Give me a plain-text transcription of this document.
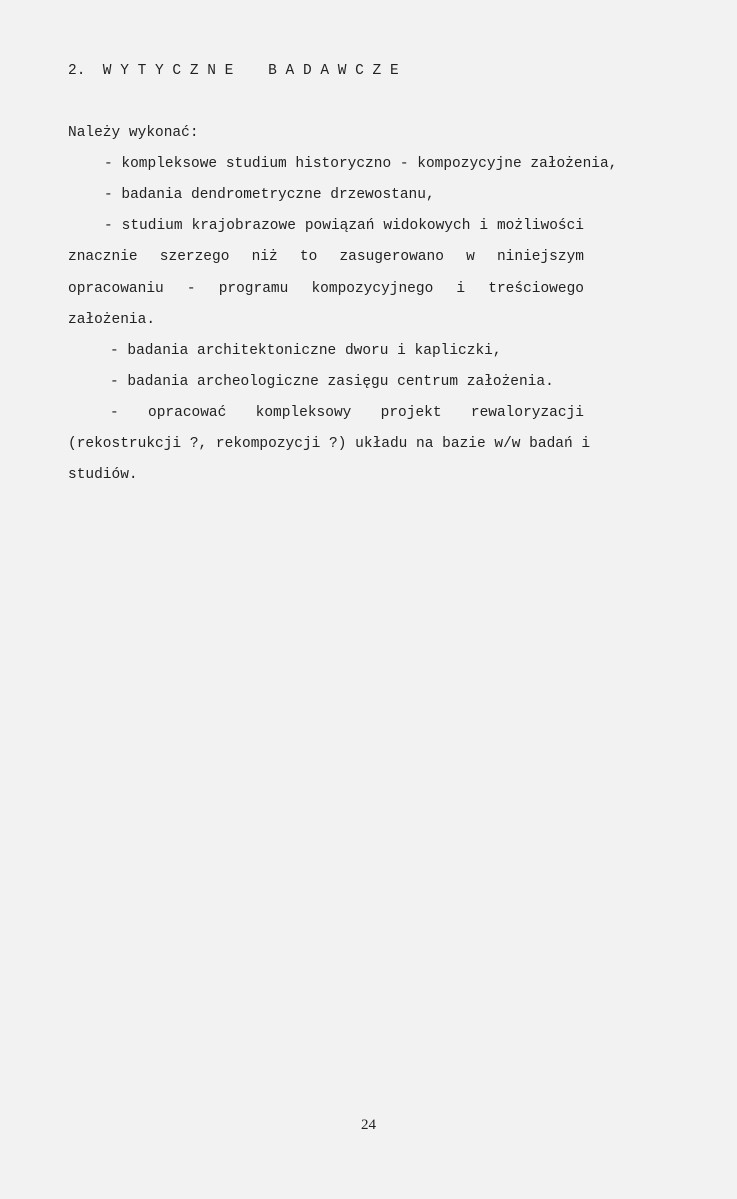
2.  W Y T Y C Z N E    B A D A W C Z E
Należy wykonać:
- kompleksowe studium historyczno - kompozycyjne założenia,
- badania dendrometryczne drzewostanu,
- studium krajobrazowe powiązań widokowych i możliwości
znacznie szerzego niż to zasugerowano w niniejszym
opracowaniu - programu kompozycyjnego i treściowego
założenia.
- badania architektoniczne dworu i kapliczki,
- badania archeologiczne zasięgu centrum założenia.
- opracować kompleksowy projekt rewaloryzacji
(rekostrukcji ?, rekompozycji ?) układu na bazie w/w badań i
studiów.
24
